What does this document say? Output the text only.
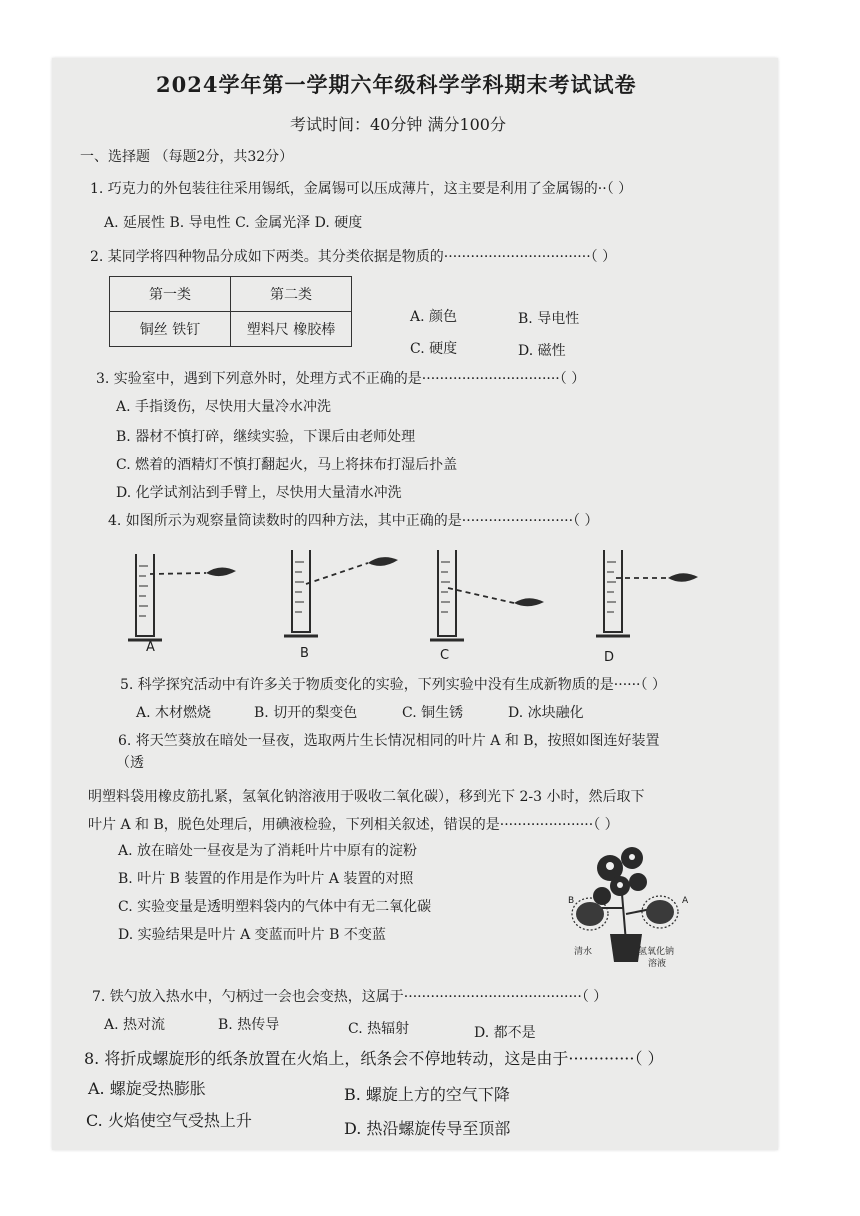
2024学年第一学期六年级科学学科期末考试试卷
考试时间：40分钟 满分100分
一、选择题 （每题2分，共32分）
1. 巧克力的外包装往往采用锡纸，金属锡可以压成薄片，这主要是利用了金属锡的··（ ）
A. 延展性 B. 导电性 C. 金属光泽 D. 硬度
2. 某同学将四种物品分成如下两类。其分类依据是物质的·································（ ）
第一类	第二类
铜丝 铁钉	塑料尺 橡胶棒
A. 颜色	B. 导电性
C. 硬度	D. 磁性
3. 实验室中，遇到下列意外时，处理方式不正确的是·······························（ ）
A. 手指烫伤，尽快用大量冷水冲洗
B. 器材不慎打碎，继续实验，下课后由老师处理
C. 燃着的酒精灯不慎打翻起火，马上将抹布打湿后扑盖
D. 化学试剂沾到手臂上，尽快用大量清水冲洗
4. 如图所示为观察量筒读数时的四种方法，其中正确的是·························（ ）
A	B	C	D
5. 科学探究活动中有许多关于物质变化的实验，下列实验中没有生成新物质的是······（ ）
A. 木材燃烧	B. 切开的梨变色	C. 铜生锈	D. 冰块融化
6. 将天竺葵放在暗处一昼夜，选取两片生长情况相同的叶片 A 和 B，按照如图连好装置
（透
明塑料袋用橡皮筋扎紧，氢氧化钠溶液用于吸收二氧化碳），移到光下 2-3 小时，然后取下
叶片 A 和 B，脱色处理后，用碘液检验，下列相关叙述，错误的是·····················（ ）
A. 放在暗处一昼夜是为了消耗叶片中原有的淀粉
B. 叶片 B 装置的作用是作为叶片 A 装置的对照
C. 实验变量是透明塑料袋内的气体中有无二氧化碳
D. 实验结果是叶片 A 变蓝而叶片 B 不变蓝
B	A
清水	氢氧化钠
溶液
7. 铁勺放入热水中，勺柄过一会也会变热，这属于········································（ ）
A. 热对流	B. 热传导	C. 热辐射	D. 都不是
8. 将折成螺旋形的纸条放置在火焰上，纸条会不停地转动，这是由于·············（ ）
A. 螺旋受热膨胀	B. 螺旋上方的空气下降
C. 火焰使空气受热上升	D. 热沿螺旋传导至顶部
